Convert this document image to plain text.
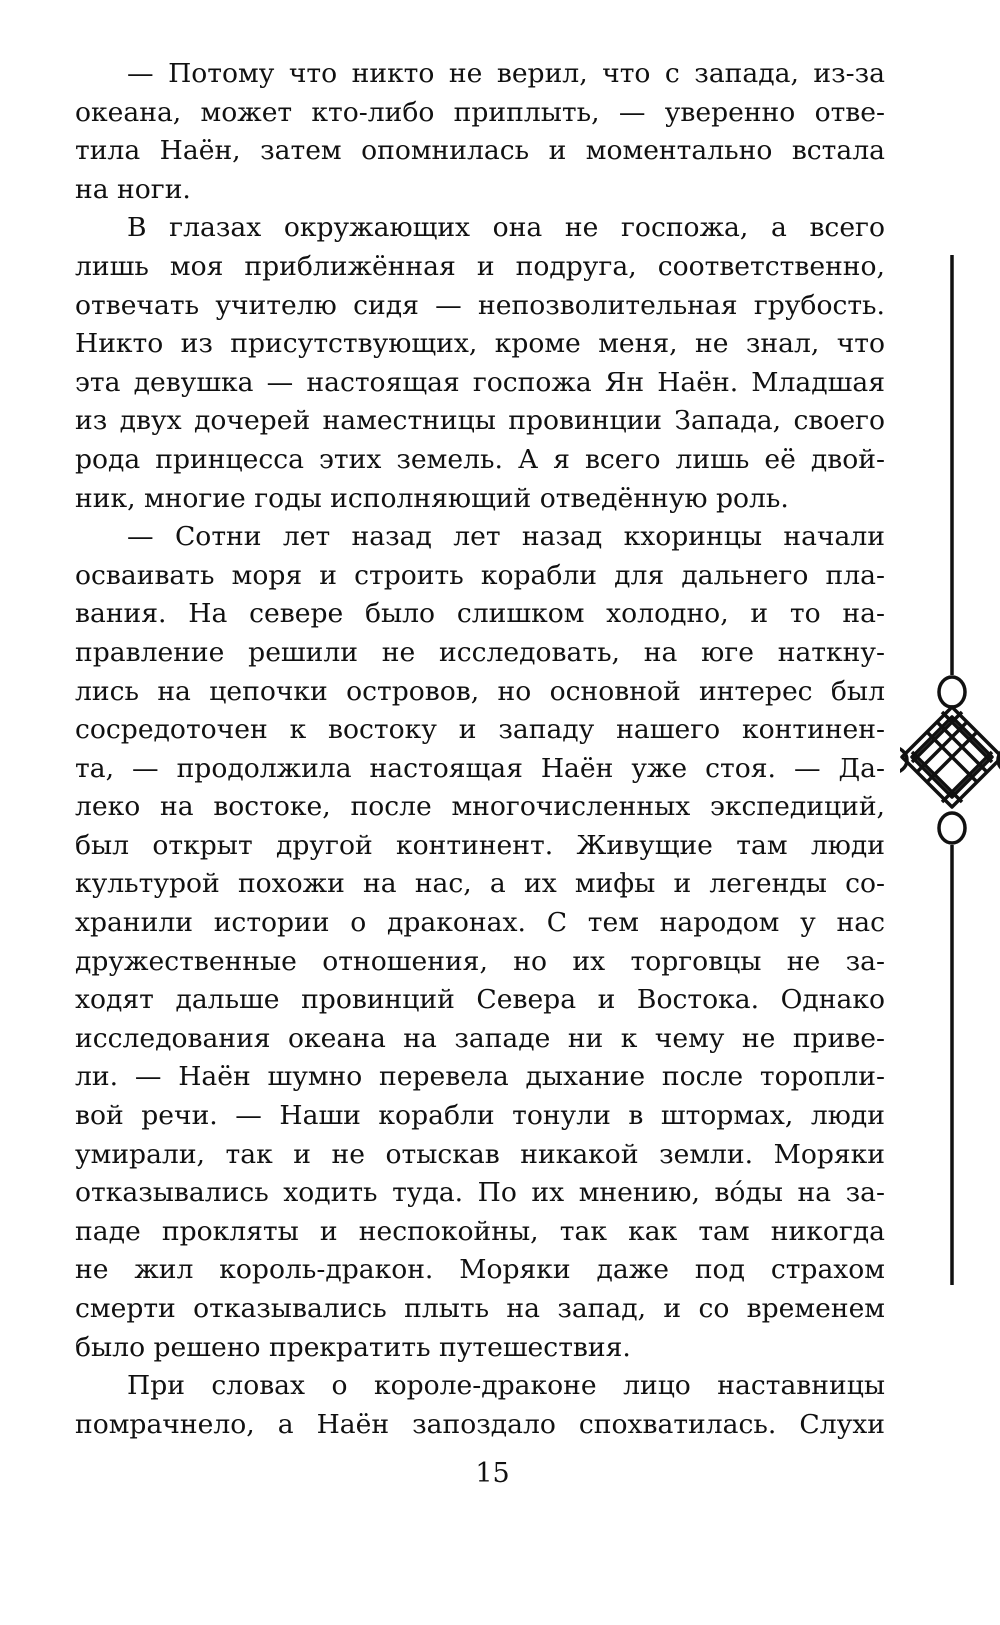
— Потому что никто не верил, что с запада, из-за
океана, может кто-либо приплыть, — уверенно отве-
тила Наён, затем опомнилась и моментально встала
на ноги.
В глазах окружающих она не госпожа, а всего
лишь моя приближённая и подруга, соответственно,
отвечать учителю сидя — непозволительная грубость.
Никто из присутствующих, кроме меня, не знал, что
эта девушка — настоящая госпожа Ян Наён. Младшая
из двух дочерей наместницы провинции Запада, своего
рода принцесса этих земель. А я всего лишь её двой-
ник, многие годы исполняющий отведённую роль.
— Сотни лет назад лет назад кхоринцы начали
осваивать моря и строить корабли для дальнего пла-
вания. На севере было слишком холодно, и то на-
правление решили не исследовать, на юге наткну-
лись на цепочки островов, но основной интерес был
сосредоточен к востоку и западу нашего континен-
та, — продолжила настоящая Наён уже стоя. — Да-
леко на востоке, после многочисленных экспедиций,
был открыт другой континент. Живущие там люди
культурой похожи на нас, а их мифы и легенды со-
хранили истории о драконах. С тем народом у нас
дружественные отношения, но их торговцы не за-
ходят дальше провинций Севера и Востока. Однако
исследования океана на западе ни к чему не приве-
ли. — Наён шумно перевела дыхание после торопли-
вой речи. — Наши корабли тонули в штормах, люди
умирали, так и не отыскав никакой земли. Моряки
отказывались ходить туда. По их мнению, во́ды на за-
паде прокляты и неспокойны, так как там никогда
не жил король-дракон. Моряки даже под страхом
смерти отказывались плыть на запад, и со временем
было решено прекратить путешествия.
При словах о короле-драконе лицо наставницы
помрачнело, а Наён запоздало спохватилась. Слухи
15
